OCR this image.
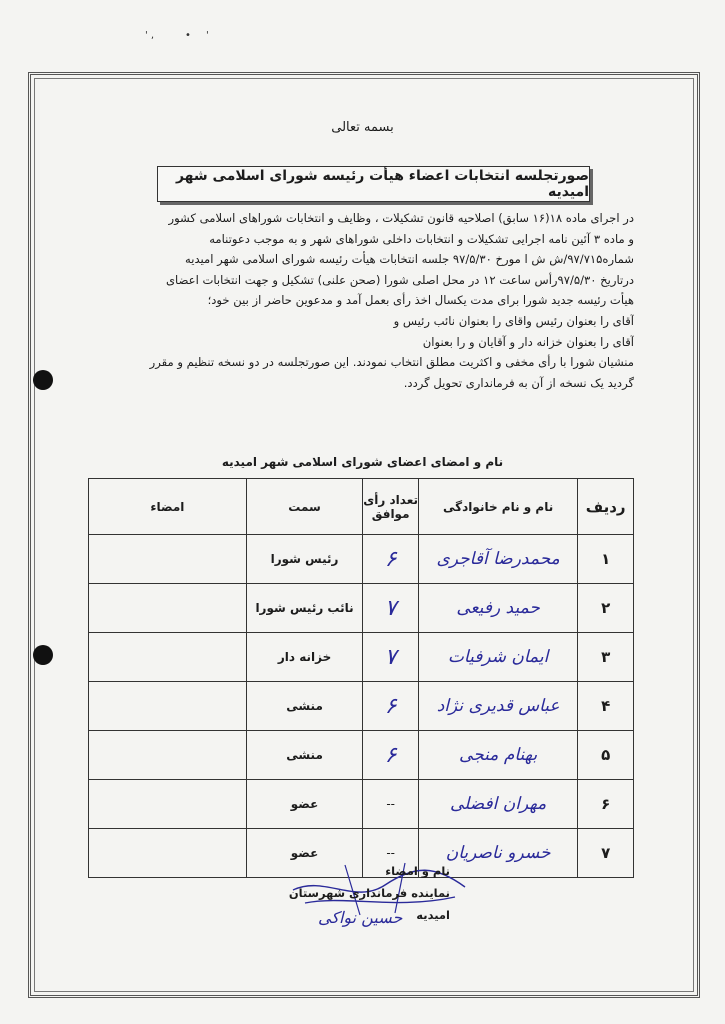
' ,	• '
بسمه تعالی
صورتجلسه انتخابات اعضاء هیأت رئیسه شورای اسلامی شهر امیدیه

در اجرای ماده ۱۸(۱۶ سابق) اصلاحیه قانون تشکیلات ، وظایف و انتخابات شوراهای اسلامی کشور

و ماده ۳ آئین نامه اجرایی تشکیلات و انتخابات داخلی شوراهای شهر و به موجب دعوتنامه

شماره۹۷/۷۱۵/ش ش ا مورخ ۹۷/۵/۳۰ جلسه انتخابات هیأت رئیسه شورای اسلامی شهر امیدیه

درتاریخ ۹۷/۵/۳۰رأس ساعت ۱۲ در محل اصلی شورا (صحن علنی) تشکیل و جهت انتخابات اعضای

هیأت رئیسه جدید شورا برای مدت یکسال اخذ رأی بعمل آمد و مدعوین حاضر از بین خود؛

آقای را بعنوان رئیس واقای را بعنوان نائب رئیس و

آقای را بعنوان خزانه دار و آقایان و را بعنوان

منشیان شورا با رأی مخفی و اکثریت مطلق انتخاب نمودند. این صورتجلسه در دو نسخه تنظیم و مقرر

گردید یک نسخه از آن به فرمانداری تحویل گردد.

نام و امضای اعضای شورای اسلامی شهر امیدیه
ردیف	نام و نام خانوادگی	تعداد رأی موافق	سمت	امضاء
۱	محمدرضا آقاجری	۶	رئیس شورا	
۲	حمید رفیعی	۷	نائب رئیس شورا	
۳	ایمان شرفیات	۷	خزانه دار	
۴	عباس قدیری نژاد	۶	منشی	
۵	بهنام منجی	۶	منشی	
۶	مهران افضلی	--	عضو	
۷	خسرو ناصریان	--	عضو	
نام و امضاء
نماینده فرمانداری شهرستان امیدیه
حسین نواکی
